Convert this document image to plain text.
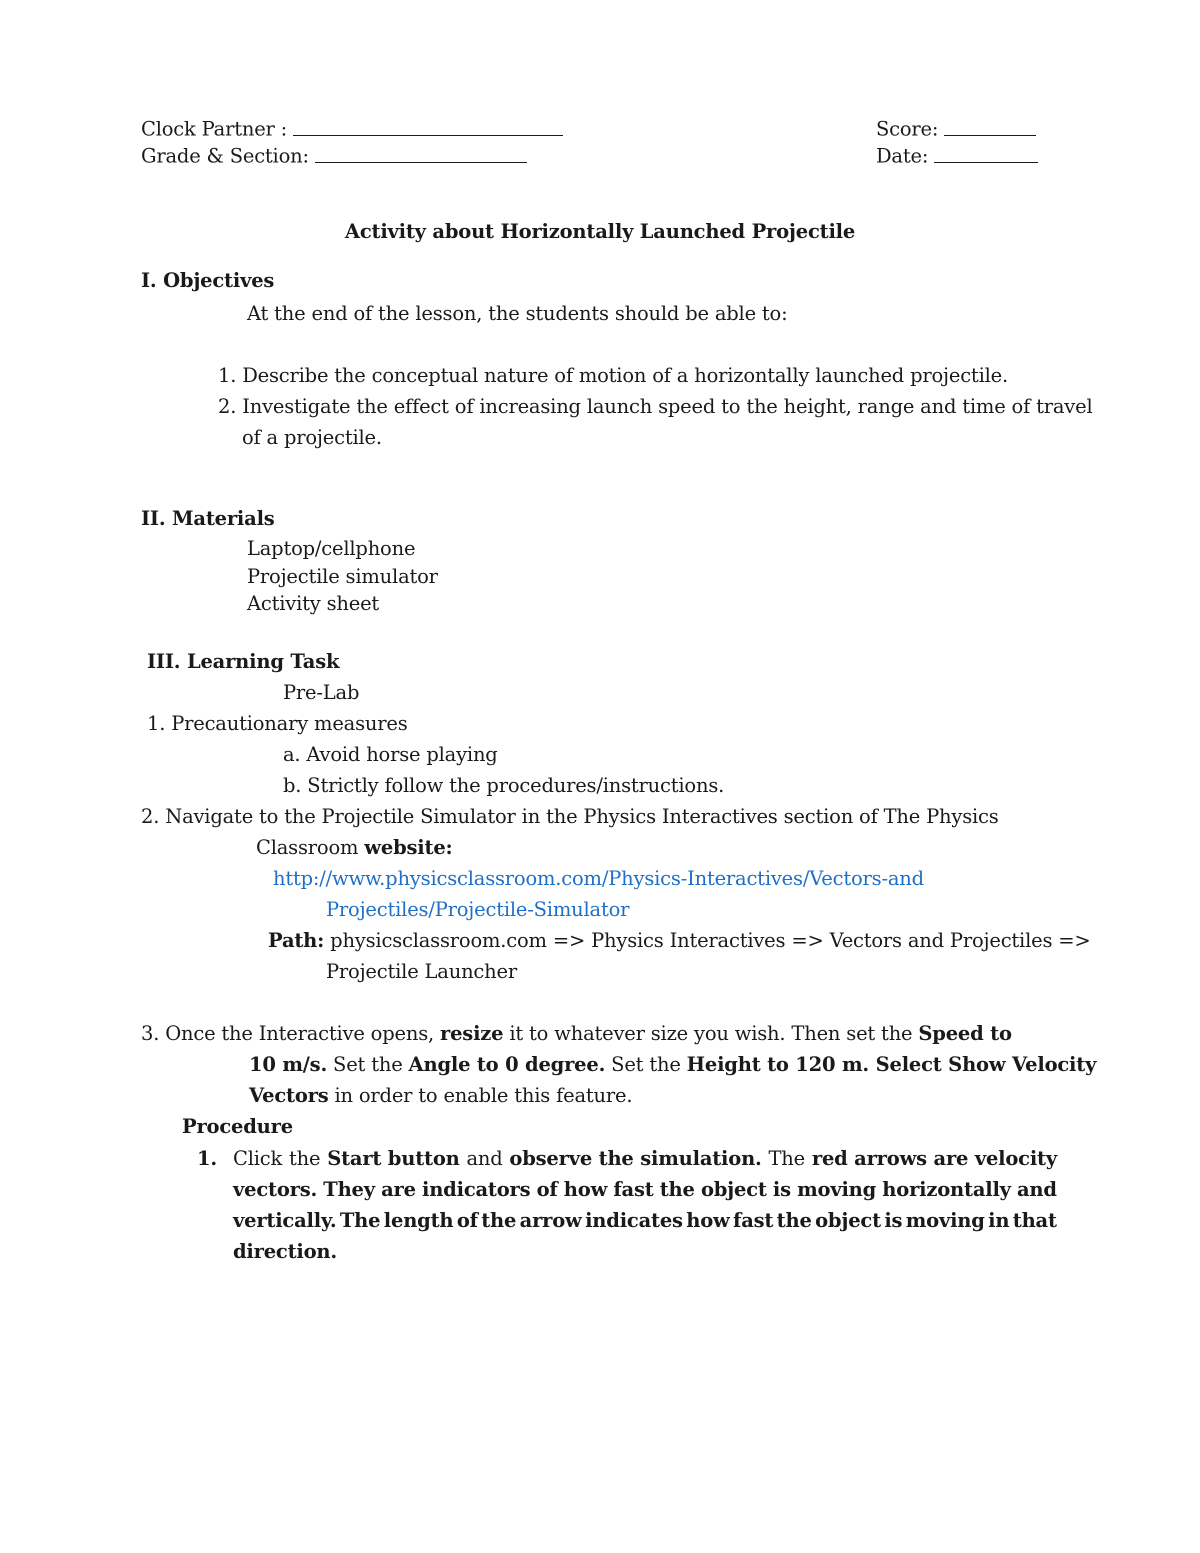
Clock Partner :
Grade & Section:
Score:
Date:
Activity about Horizontally Launched Projectile
I. Objectives
At the end of the lesson, the students should be able to:
1. Describe the conceptual nature of motion of a horizontally launched projectile.
2. Investigate the effect of increasing launch speed to the height, range and time of travel
of a projectile.
II. Materials
Laptop/cellphone
Projectile simulator
Activity sheet
III. Learning Task
Pre-Lab
1. Precautionary measures
a. Avoid horse playing
b. Strictly follow the procedures/instructions.
2. Navigate to the Projectile Simulator in the Physics Interactives section of The Physics
Classroom website:
http://www.physicsclassroom.com/Physics-Interactives/Vectors-and
Projectiles/Projectile-Simulator
Path: physicsclassroom.com => Physics Interactives => Vectors and Projectiles =>
Projectile Launcher
3. Once the Interactive opens, resize it to whatever size you wish. Then set the Speed to
10 m/s. Set the Angle to 0 degree. Set the Height to 120 m. Select Show Velocity
Vectors in order to enable this feature.
Procedure
1. Click the Start button and observe the simulation. The red arrows are velocity
vectors. They are indicators of how fast the object is moving horizontally and
vertically. The length of the arrow indicates how fast the object is moving in that
direction.
